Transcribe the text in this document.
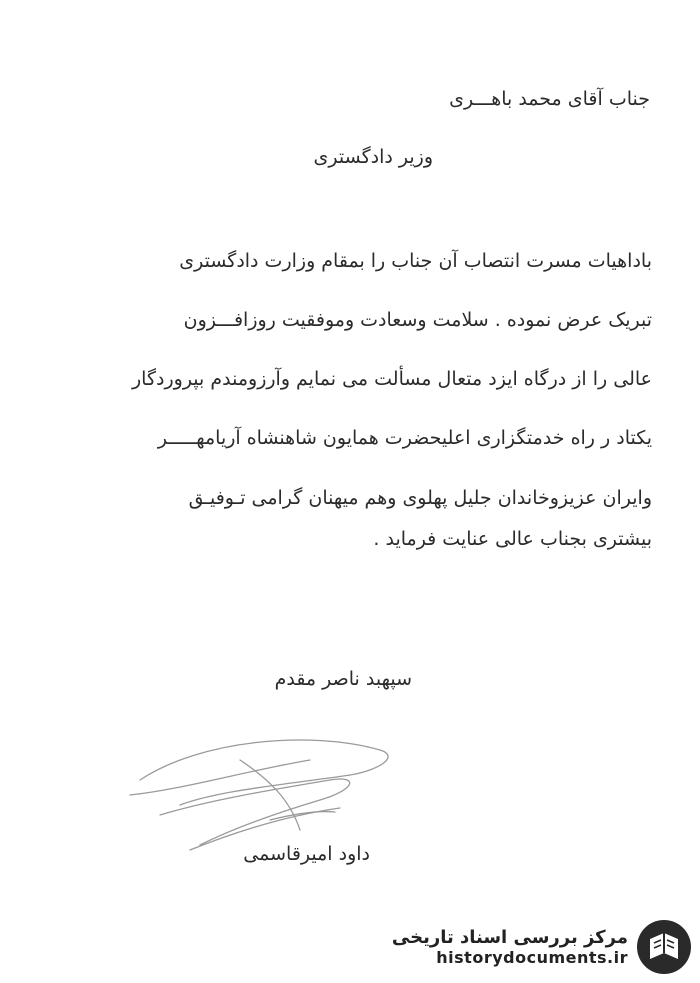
جناب آقای محمد باهـــری
وزیر دادگستری
باداهیات مسرت انتصاب آن جناب را بمقام وزارت دادگستری
تبریک عرض نموده . سلامت وسعادت وموفقیت روزافـــزون
عالی را از درگاه ایزد متعال مسألت می نمایم وآرزومندم بپروردگار
یکتاد ر راه خدمتگزاری اعلیحضرت همایون شاهنشاه آریامهـــــر
وایران عزیزوخاندان جلیل پهلوی وهم میهنان گرامی تـوفیـق
بیشتری بجناب عالی عنایت فرماید .
سپهبد ناصر مقدم
داود امیرقاسمی
مرکز بررسی اسناد تاریخی
historydocuments.ir
